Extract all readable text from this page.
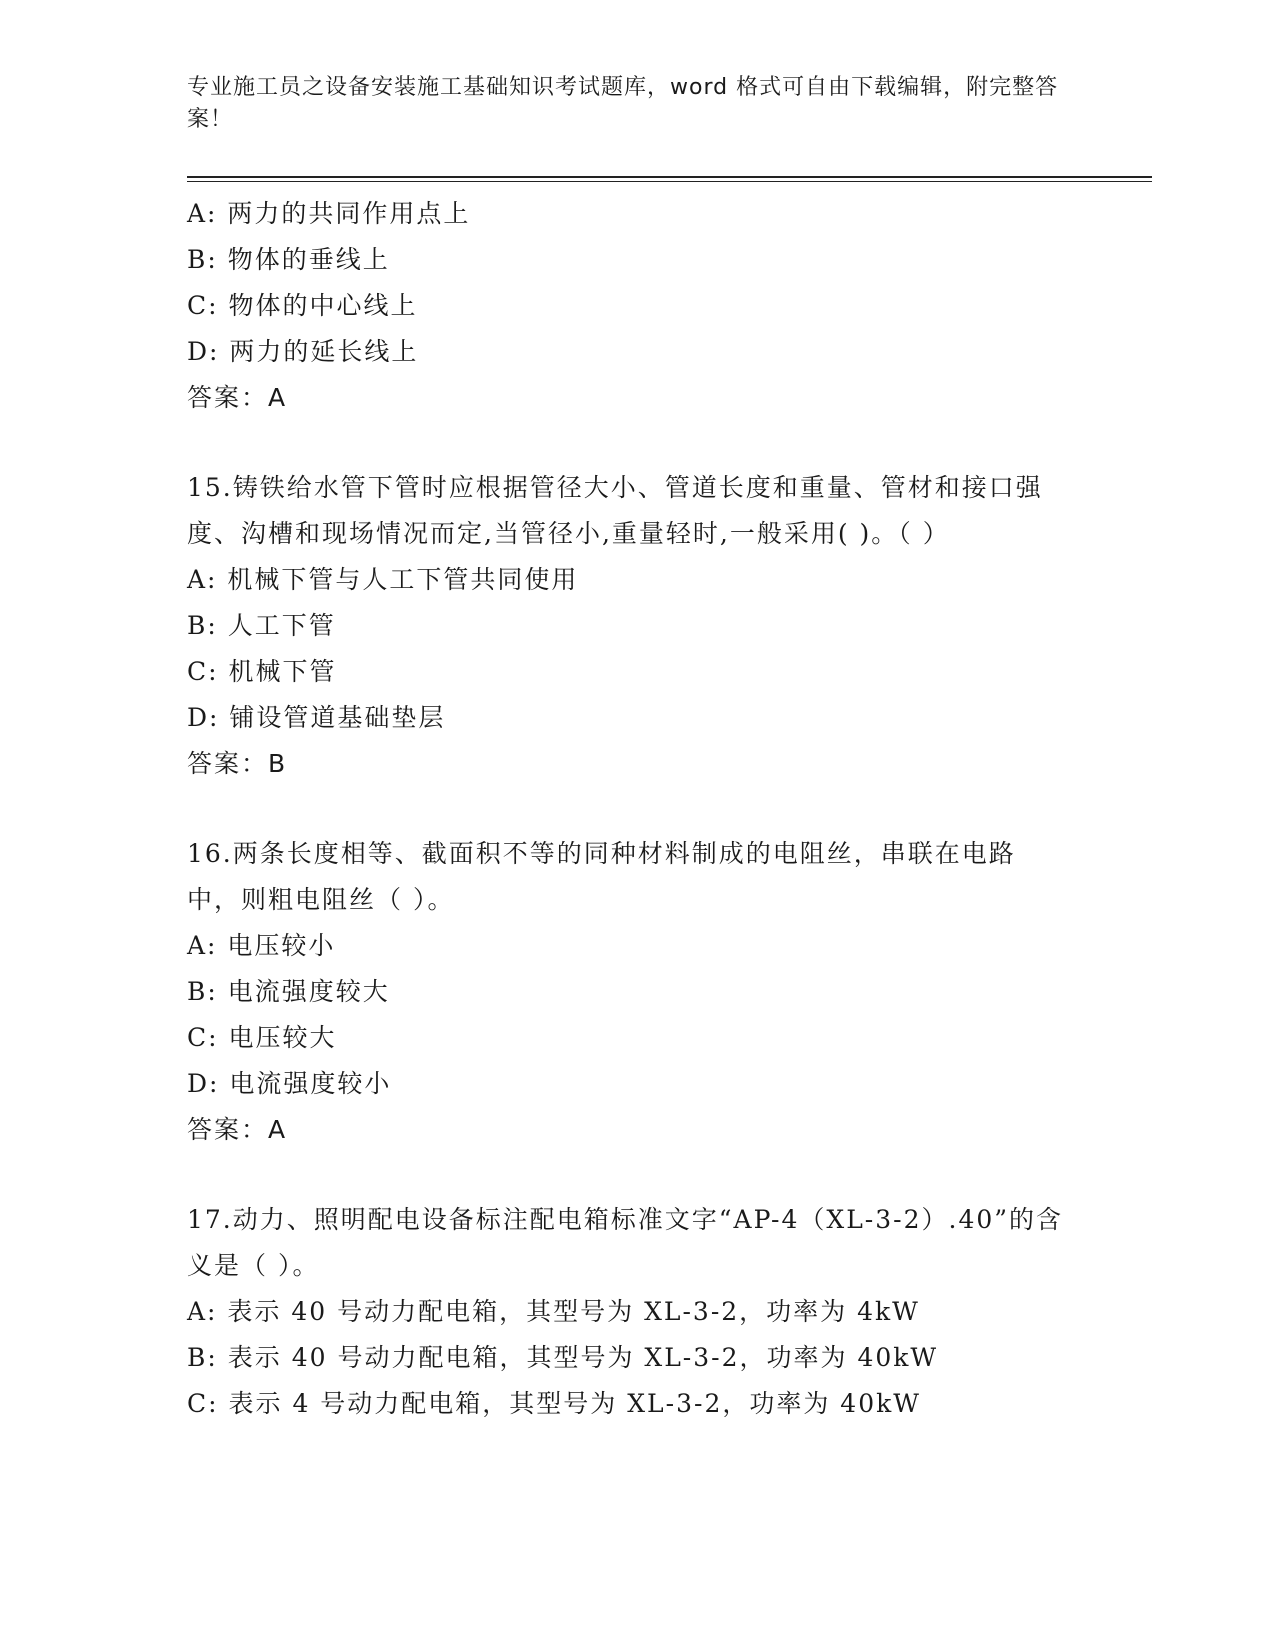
专业施工员之设备安装施工基础知识考试题库，word 格式可自由下载编辑，附完整答案！
A: 两力的共同作用点上
B: 物体的垂线上
C: 物体的中心线上
D: 两力的延长线上
答案：A
15.铸铁给水管下管时应根据管径大小、管道长度和重量、管材和接口强度、沟槽和现场情况而定,当管径小,重量轻时,一般采用( )。（ ）
A: 机械下管与人工下管共同使用
B: 人工下管
C: 机械下管
D: 铺设管道基础垫层
答案：B
16.两条长度相等、截面积不等的同种材料制成的电阻丝，串联在电路中，则粗电阻丝（ ）。
A: 电压较小
B: 电流强度较大
C: 电压较大
D: 电流强度较小
答案：A
17.动力、照明配电设备标注配电箱标准文字“AP-4（XL-3-2）.40”的含义是（ ）。
A: 表示 40 号动力配电箱，其型号为 XL-3-2，功率为 4kW
B: 表示 40 号动力配电箱，其型号为 XL-3-2，功率为 40kW
C: 表示 4 号动力配电箱，其型号为 XL-3-2，功率为 40kW
